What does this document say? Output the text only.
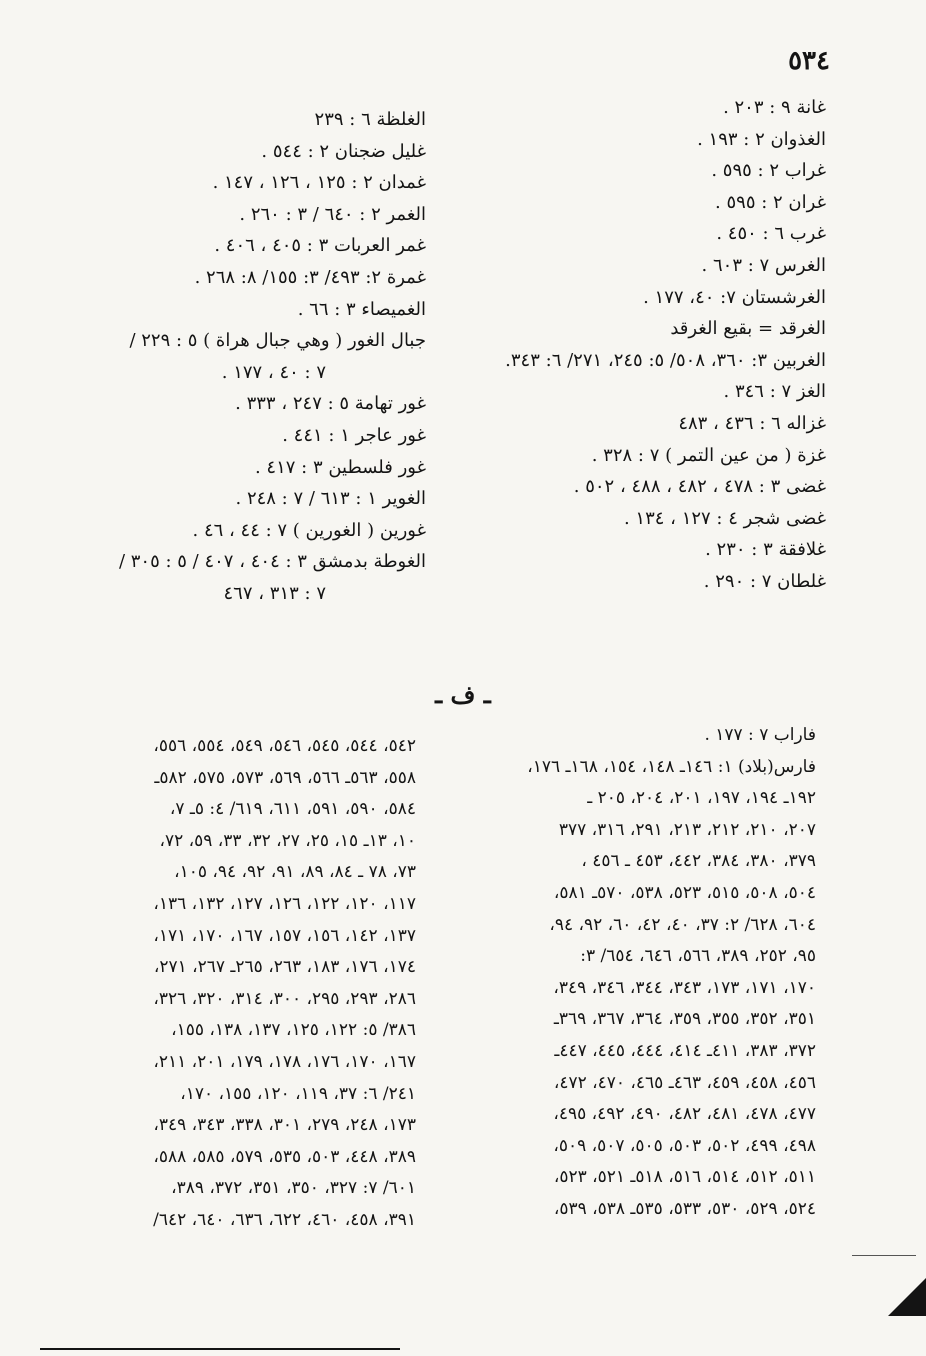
٥٣٤
غانة ٩ : ٢٠٣ .
الغذوان ٢ : ١٩٣ .
غراب ٢ : ٥٩٥ .
غران ٢ : ٥٩٥ .
غرب ٦ : ٤٥٠ .
الغرس ٧ : ٦٠٣ .
الغرشستان ٧: ٤٠، ١٧٧ .
الغرقد = بقيع الغرقد
الغربين ٣: ٣٦٠، ٥٠٨/ ٥: ٢٤٥، ٢٧١/ ٦: ٣٤٣.
الغز ٧ : ٣٤٦ .
غزاله ٦ : ٤٣٦ ، ٤٨٣
غزة ( من عين التمر ) ٧ : ٣٢٨ .
غضى ٣ : ٤٧٨ ، ٤٨٢ ، ٤٨٨ ، ٥٠٢ .
غضى شجر ٤ : ١٢٧ ، ١٣٤ .
غلافقة ٣ : ٢٣٠ .
غلطان ٧ : ٢٩٠ .
الغلظة ٦ : ٢٣٩
غليل ضجنان ٢ : ٥٤٤ .
غمدان ٢ : ١٢٥ ، ١٢٦ ، ١٤٧ .
الغمر ٢ : ٦٤٠ / ٣ : ٢٦٠ .
غمر العربات ٣ : ٤٠٥ ، ٤٠٦ .
غمرة ٢: ٤٩٣/ ٣: ١٥٥/ ٨: ٢٦٨ .
الغميصاء ٣ : ٦٦ .
جبال الغور ( وهي جبال هراة ) ٥ : ٢٢٩ /
٧ : ٤٠ ، ١٧٧ .
غور تهامة ٥ : ٢٤٧ ، ٣٣٣ .
غور عاجر ١ : ٤٤١ .
غور فلسطين ٣ : ٤١٧ .
الغوير ١ : ٦١٣ / ٧ : ٢٤٨ .
غورين ( الغورين ) ٧ : ٤٤ ، ٤٦ .
الغوطة بدمشق ٣ : ٤٠٤ ، ٤٠٧ / ٥ : ٣٠٥ /
٧ : ٣١٣ ، ٤٦٧
ـ ف ـ
فاراب ٧ : ١٧٧ .
فارس(بلاد) ١: ١٤٦ـ ١٤٨، ١٥٤، ١٦٨ـ ١٧٦،
١٩٢ـ ١٩٤، ١٩٧، ٢٠١، ٢٠٤، ٢٠٥ ـ
٢٠٧، ٢١٠، ٢١٢، ٢١٣، ٢٩١، ٣١٦، ٣٧٧
٣٧٩، ٣٨٠، ٣٨٤، ٤٤٢، ٤٥٣ ـ ٤٥٦ ،
٥٠٤، ٥٠٨، ٥١٥، ٥٢٣، ٥٣٨، ٥٧٠ـ ٥٨١،
٦٠٤، ٦٢٨/ ٢: ٣٧، ٤٠، ٤٢، ٦٠، ٩٢، ٩٤،
٩٥، ٢٥٢، ٣٨٩، ٥٦٦، ٦٤٦، ٦٥٤/ ٣:
١٧٠، ١٧١، ١٧٣، ٣٤٣، ٣٤٤، ٣٤٦، ٣٤٩،
٣٥١، ٣٥٢، ٣٥٥، ٣٥٩، ٣٦٤، ٣٦٧، ٣٦٩ـ
٣٧٢، ٣٨٣، ٤١١ـ ٤١٤، ٤٤٤، ٤٤٥، ٤٤٧ـ
٤٥٦، ٤٥٨، ٤٥٩، ٤٦٣ـ ٤٦٥، ٤٧٠، ٤٧٢،
٤٧٧، ٤٧٨، ٤٨١، ٤٨٢، ٤٩٠، ٤٩٢، ٤٩٥،
٤٩٨، ٤٩٩، ٥٠٢، ٥٠٣، ٥٠٥، ٥٠٧، ٥٠٩،
٥١١، ٥١٢، ٥١٤، ٥١٦، ٥١٨ـ ٥٢١، ٥٢٣،
٥٢٤، ٥٢٩، ٥٣٠، ٥٣٣، ٥٣٥ـ ٥٣٨، ٥٣٩،
٥٤٢، ٥٤٤، ٥٤٥، ٥٤٦، ٥٤٩، ٥٥٤، ٥٥٦،
٥٥٨، ٥٦٣ـ ٥٦٦، ٥٦٩، ٥٧٣، ٥٧٥، ٥٨٢ـ
٥٨٤، ٥٩٠، ٥٩١، ٦١١، ٦١٩/ ٤: ٥ـ ٧،
١٠، ١٣ـ ١٥، ٢٥، ٢٧، ٣٢، ٣٣، ٥٩، ٧٢،
٧٣، ٧٨ ـ ٨٤، ٨٩، ٩١، ٩٢، ٩٤، ١٠٥،
١١٧، ١٢٠، ١٢٢، ١٢٦، ١٢٧، ١٣٢، ١٣٦،
١٣٧، ١٤٢، ١٥٦، ١٥٧، ١٦٧، ١٧٠، ١٧١،
١٧٤، ١٧٦، ١٨٣، ٢٦٣، ٢٦٥ـ ٢٦٧، ٢٧١،
٢٨٦، ٢٩٣، ٢٩٥، ٣٠٠، ٣١٤، ٣٢٠، ٣٢٦،
٣٨٦/ ٥: ١٢٢، ١٢٥، ١٣٧، ١٣٨، ١٥٥،
١٦٧، ١٧٠، ١٧٦، ١٧٨، ١٧٩، ٢٠١، ٢١١،
٢٤١/ ٦: ٣٧، ١١٩، ١٢٠، ١٥٥، ١٧٠،
١٧٣، ٢٤٨، ٢٧٩، ٣٠١، ٣٣٨، ٣٤٣، ٣٤٩،
٣٨٩، ٤٤٨، ٥٠٣، ٥٣٥، ٥٧٩، ٥٨٥، ٥٨٨،
٦٠١/ ٧: ٣٢٧، ٣٥٠، ٣٥١، ٣٧٢، ٣٨٩،
٣٩١، ٤٥٨، ٤٦٠، ٦٢٢، ٦٣٦، ٦٤٠، ٦٤٢/
